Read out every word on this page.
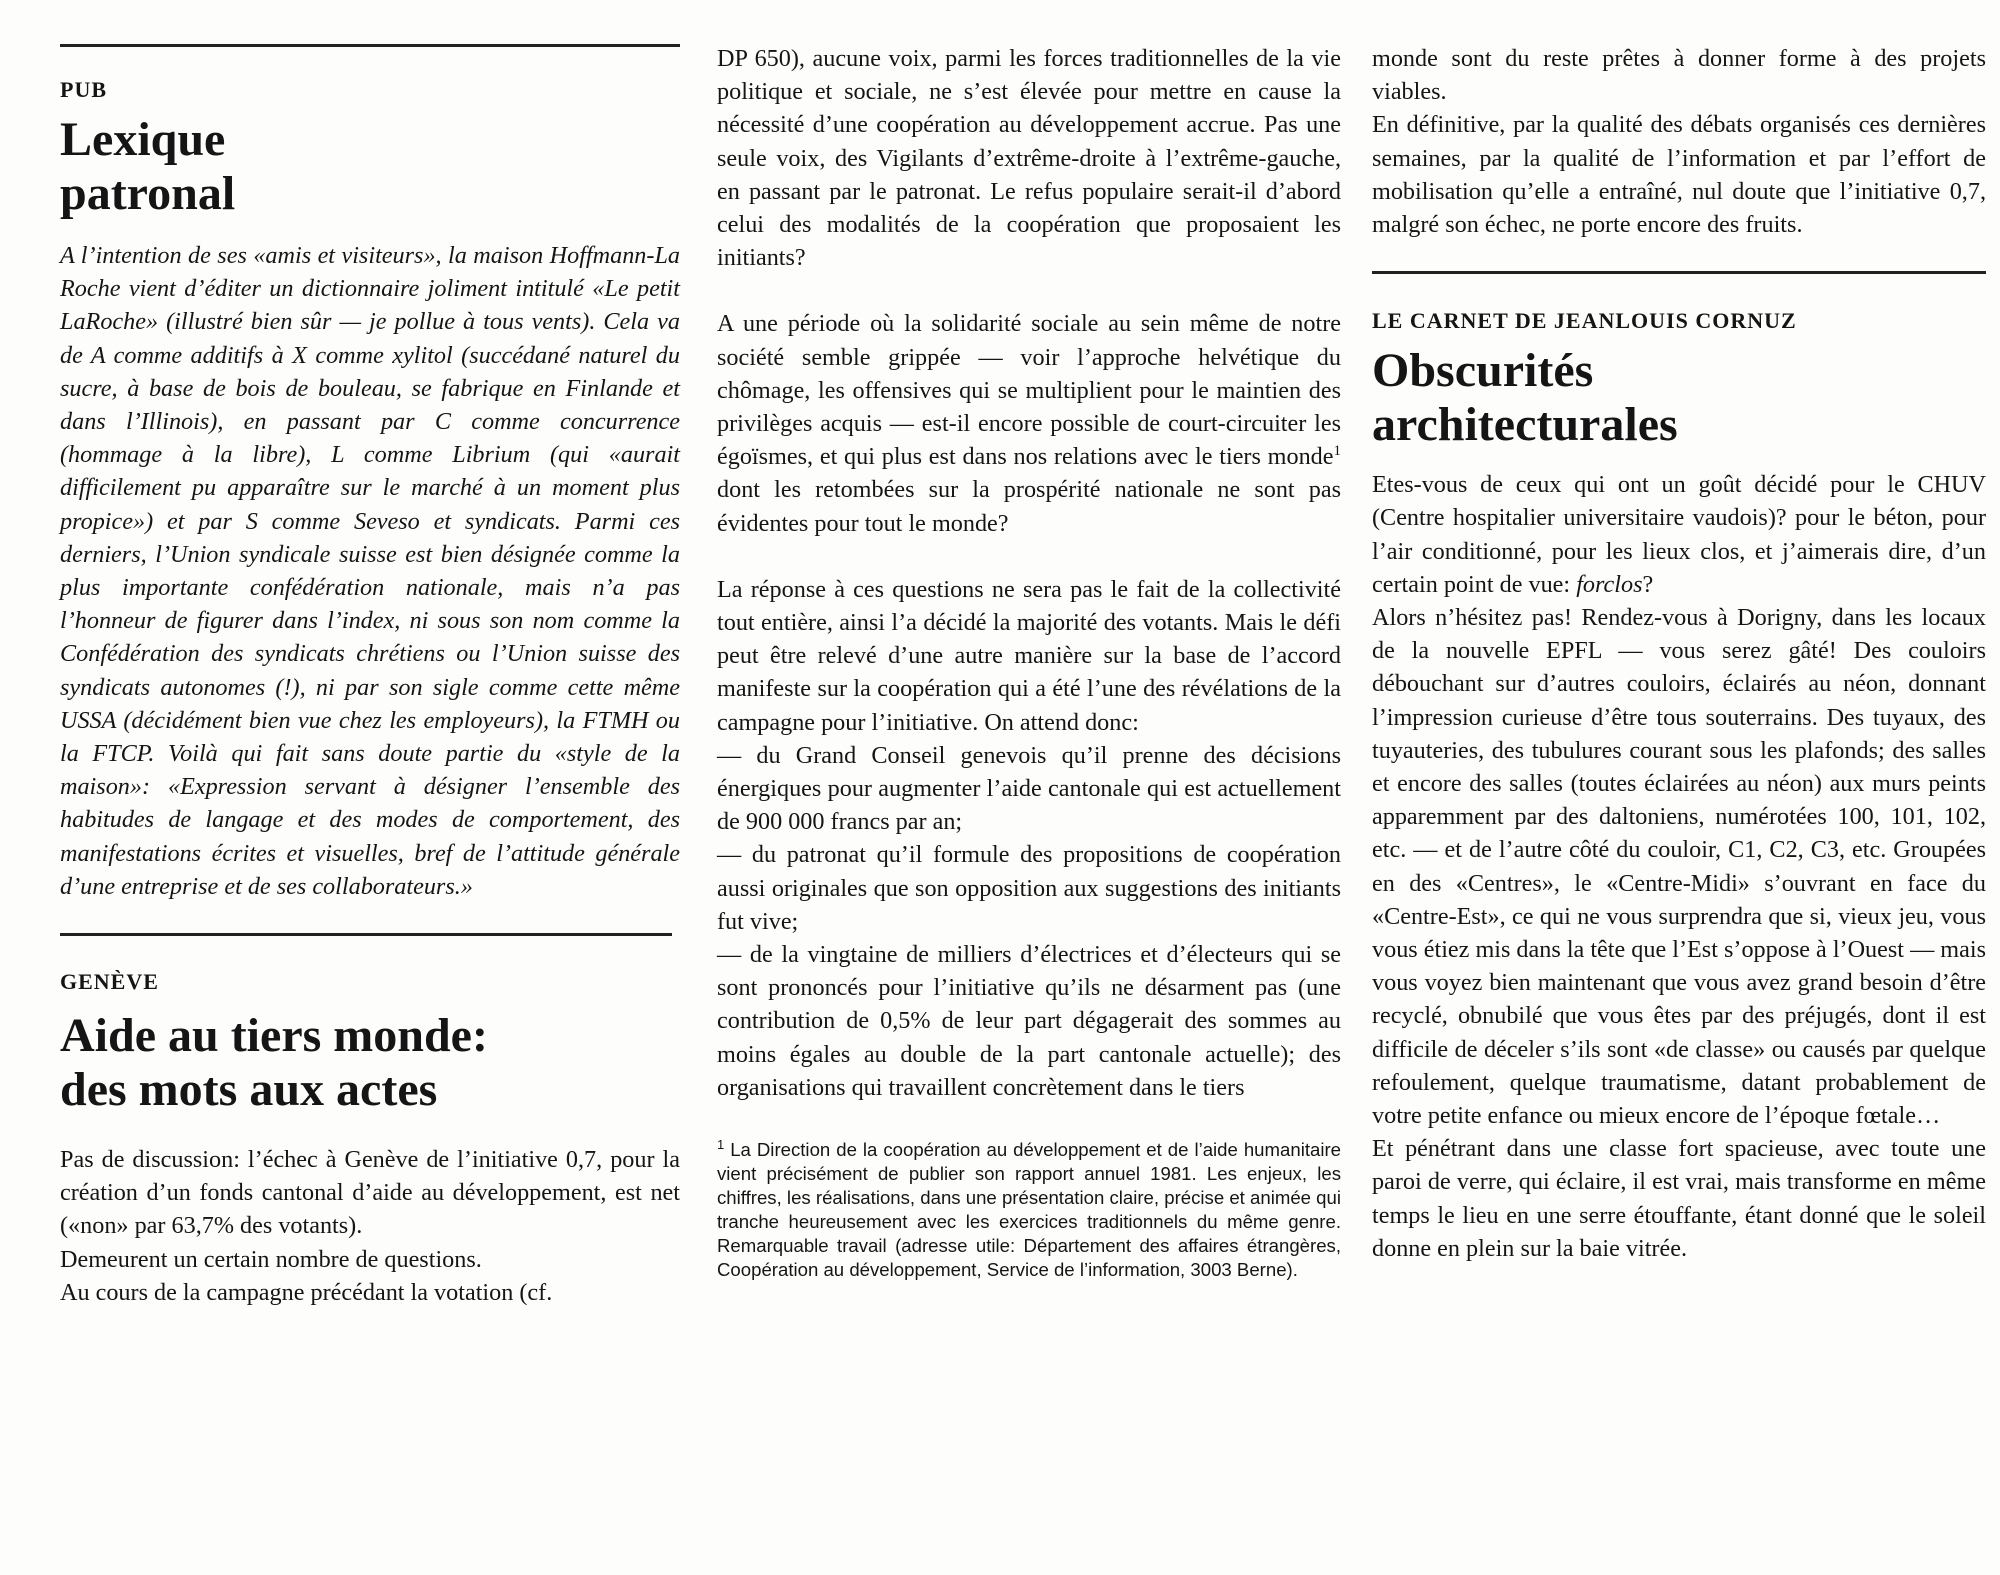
PUB
Lexique
patronal

A l’intention de ses «amis et visiteurs», la maison Hoffmann-La Roche vient d’éditer un dictionnaire joliment intitulé «Le petit LaRoche» (illustré bien sûr — je pollue à tous vents). Cela va de A comme additifs à X comme xylitol (succédané naturel du sucre, à base de bois de bouleau, se fabrique en Finlande et dans l’Illinois), en passant par C comme concurrence (hommage à la libre), L comme Librium (qui «aurait difficilement pu apparaître sur le marché à un moment plus propice») et par S comme Seveso et syndicats. Parmi ces derniers, l’Union syndicale suisse est bien désignée comme la plus importante confédération nationale, mais n’a pas l’honneur de figurer dans l’index, ni sous son nom comme la Confédération des syndicats chrétiens ou l’Union suisse des syndicats autonomes (!), ni par son sigle comme cette même USSA (décidément bien vue chez les employeurs), la FTMH ou la FTCP. Voilà qui fait sans doute partie du «style de la maison»: «Expression servant à désigner l’ensemble des habitudes de langage et des modes de comportement, des manifestations écrites et visuelles, bref de l’attitude générale d’une entreprise et de ses collaborateurs.»

GENÈVE
Aide au tiers monde:
des mots aux actes

Pas de discussion: l’échec à Genève de l’initiative 0,7, pour la création d’un fonds cantonal d’aide au développement, est net («non» par 63,7% des votants).

Demeurent un certain nombre de questions.

Au cours de la campagne précédant la votation (cf.

DP 650), aucune voix, parmi les forces traditionnelles de la vie politique et sociale, ne s’est élevée pour mettre en cause la nécessité d’une coopération au développement accrue. Pas une seule voix, des Vigilants d’extrême-droite à l’extrême-gauche, en passant par le patronat. Le refus populaire serait-il d’abord celui des modalités de la coopération que proposaient les initiants?

A une période où la solidarité sociale au sein même de notre société semble grippée — voir l’approche helvétique du chômage, les offensives qui se multiplient pour le maintien des privilèges acquis — est-il encore possible de court-circuiter les égoïsmes, et qui plus est dans nos relations avec le tiers monde$^1$ dont les retombées sur la prospérité nationale ne sont pas évidentes pour tout le monde?

La réponse à ces questions ne sera pas le fait de la collectivité tout entière, ainsi l’a décidé la majorité des votants. Mais le défi peut être relevé d’une autre manière sur la base de l’accord manifeste sur la coopération qui a été l’une des révélations de la campagne pour l’initiative. On attend donc:

— du Grand Conseil genevois qu’il prenne des décisions énergiques pour augmenter l’aide cantonale qui est actuellement de 900 000 francs par an;

— du patronat qu’il formule des propositions de coopération aussi originales que son opposition aux suggestions des initiants fut vive;

— de la vingtaine de milliers d’électrices et d’électeurs qui se sont prononcés pour l’initiative qu’ils ne désarment pas (une contribution de 0,5% de leur part dégagerait des sommes au moins égales au double de la part cantonale actuelle); des organisations qui travaillent concrètement dans le tiers

$^1$ La Direction de la coopération au développement et de l’aide humanitaire vient précisément de publier son rapport annuel 1981. Les enjeux, les chiffres, les réalisations, dans une présentation claire, précise et animée qui tranche heureusement avec les exercices traditionnels du même genre. Remarquable travail (adresse utile: Département des affaires étrangères, Coopération au développement, Service de l’information, 3003 Berne).

monde sont du reste prêtes à donner forme à des projets viables.

En définitive, par la qualité des débats organisés ces dernières semaines, par la qualité de l’information et par l’effort de mobilisation qu’elle a entraîné, nul doute que l’initiative 0,7, malgré son échec, ne porte encore des fruits.

LE CARNET DE JEANLOUIS CORNUZ
Obscurités
architecturales

Etes-vous de ceux qui ont un goût décidé pour le CHUV (Centre hospitalier universitaire vaudois)? pour le béton, pour l’air conditionné, pour les lieux clos, et j’aimerais dire, d’un certain point de vue: forclos?

Alors n’hésitez pas! Rendez-vous à Dorigny, dans les locaux de la nouvelle EPFL — vous serez gâté! Des couloirs débouchant sur d’autres couloirs, éclairés au néon, donnant l’impression curieuse d’être tous souterrains. Des tuyaux, des tuyauteries, des tubulures courant sous les plafonds; des salles et encore des salles (toutes éclairées au néon) aux murs peints apparemment par des daltoniens, numérotées 100, 101, 102, etc. — et de l’autre côté du couloir, C1, C2, C3, etc. Groupées en des «Centres», le «Centre-Midi» s’ouvrant en face du «Centre-Est», ce qui ne vous surprendra que si, vieux jeu, vous vous étiez mis dans la tête que l’Est s’oppose à l’Ouest — mais vous voyez bien maintenant que vous avez grand besoin d’être recyclé, obnubilé que vous êtes par des préjugés, dont il est difficile de déceler s’ils sont «de classe» ou causés par quelque refoulement, quelque traumatisme, datant probablement de votre petite enfance ou mieux encore de l’époque fœtale…

Et pénétrant dans une classe fort spacieuse, avec toute une paroi de verre, qui éclaire, il est vrai, mais transforme en même temps le lieu en une serre étouffante, étant donné que le soleil donne en plein sur la baie vitrée.
